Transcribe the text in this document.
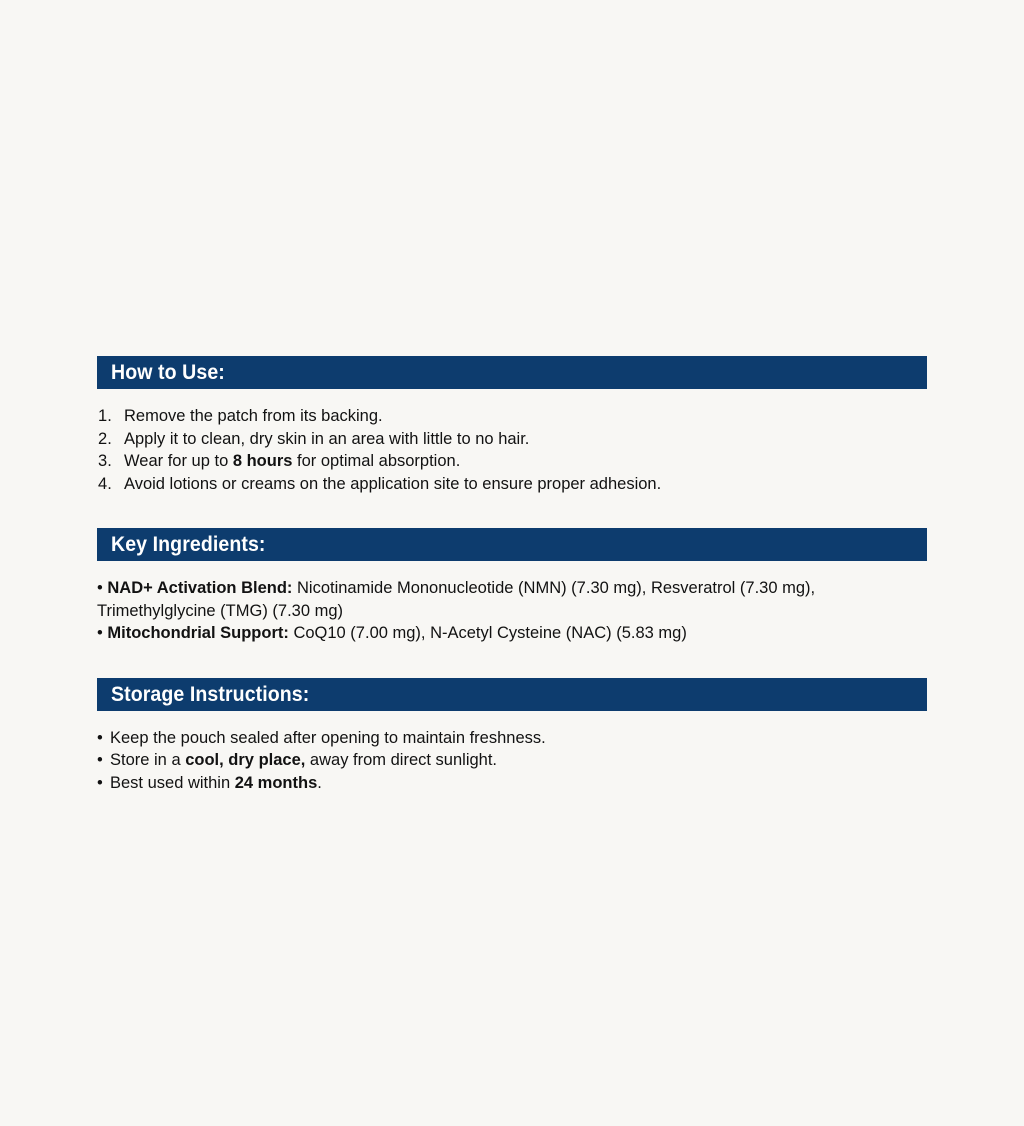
How to Use:
Remove the patch from its backing.
Apply it to clean, dry skin in an area with little to no hair.
Wear for up to 8 hours for optimal absorption.
Avoid lotions or creams on the application site to ensure proper adhesion.
Key Ingredients:
• NAD+ Activation Blend: Nicotinamide Mononucleotide (NMN) (7.30 mg), Resveratrol (7.30 mg), Trimethylglycine (TMG) (7.30 mg)
• Mitochondrial Support: CoQ10 (7.00 mg), N-Acetyl Cysteine (NAC) (5.83 mg)
Storage Instructions:
• Keep the pouch sealed after opening to maintain freshness.
• Store in a cool, dry place, away from direct sunlight.
• Best used within 24 months.
